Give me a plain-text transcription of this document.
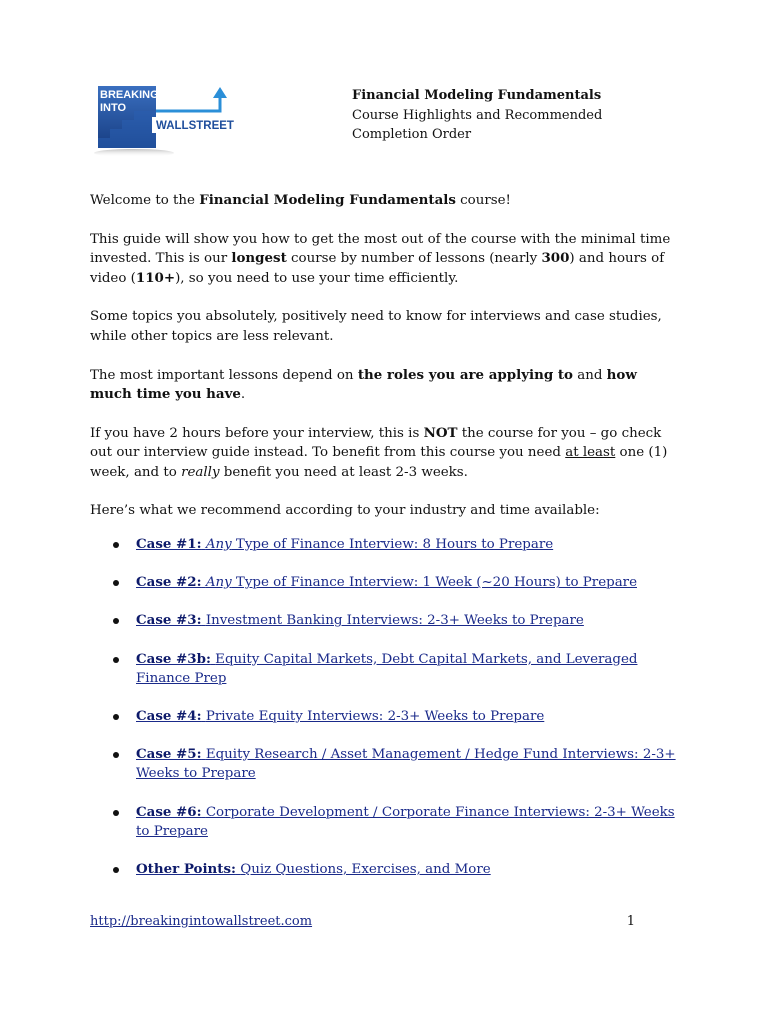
BREAKING
INTO
WALLSTREET
Financial Modeling Fundamentals
Course Highlights and Recommended
Completion Order

Welcome to the Financial Modeling Fundamentals course!

This guide will show you how to get the most out of the course with the minimal time invested. This is our longest course by number of lessons (nearly 300) and hours of video (110+), so you need to use your time efficiently.

Some topics you absolutely, positively need to know for interviews and case studies, while other topics are less relevant.

The most important lessons depend on the roles you are applying to and how much time you have.

If you have 2 hours before your interview, this is NOT the course for you – go check out our interview guide instead. To benefit from this course you need at least one (1) week, and to really benefit you need at least 2-3 weeks.

Here’s what we recommend according to your industry and time available:

Case #1: Any Type of Finance Interview: 8 Hours to Prepare
Case #2: Any Type of Finance Interview: 1 Week (~20 Hours) to Prepare
Case #3: Investment Banking Interviews: 2-3+ Weeks to Prepare
Case #3b: Equity Capital Markets, Debt Capital Markets, and Leveraged Finance Prep
Case #4: Private Equity Interviews: 2-3+ Weeks to Prepare
Case #5: Equity Research / Asset Management / Hedge Fund Interviews: 2-3+ Weeks to Prepare
Case #6: Corporate Development / Corporate Finance Interviews: 2-3+ Weeks to Prepare
Other Points: Quiz Questions, Exercises, and More
http://breakingintowallstreet.com	1
